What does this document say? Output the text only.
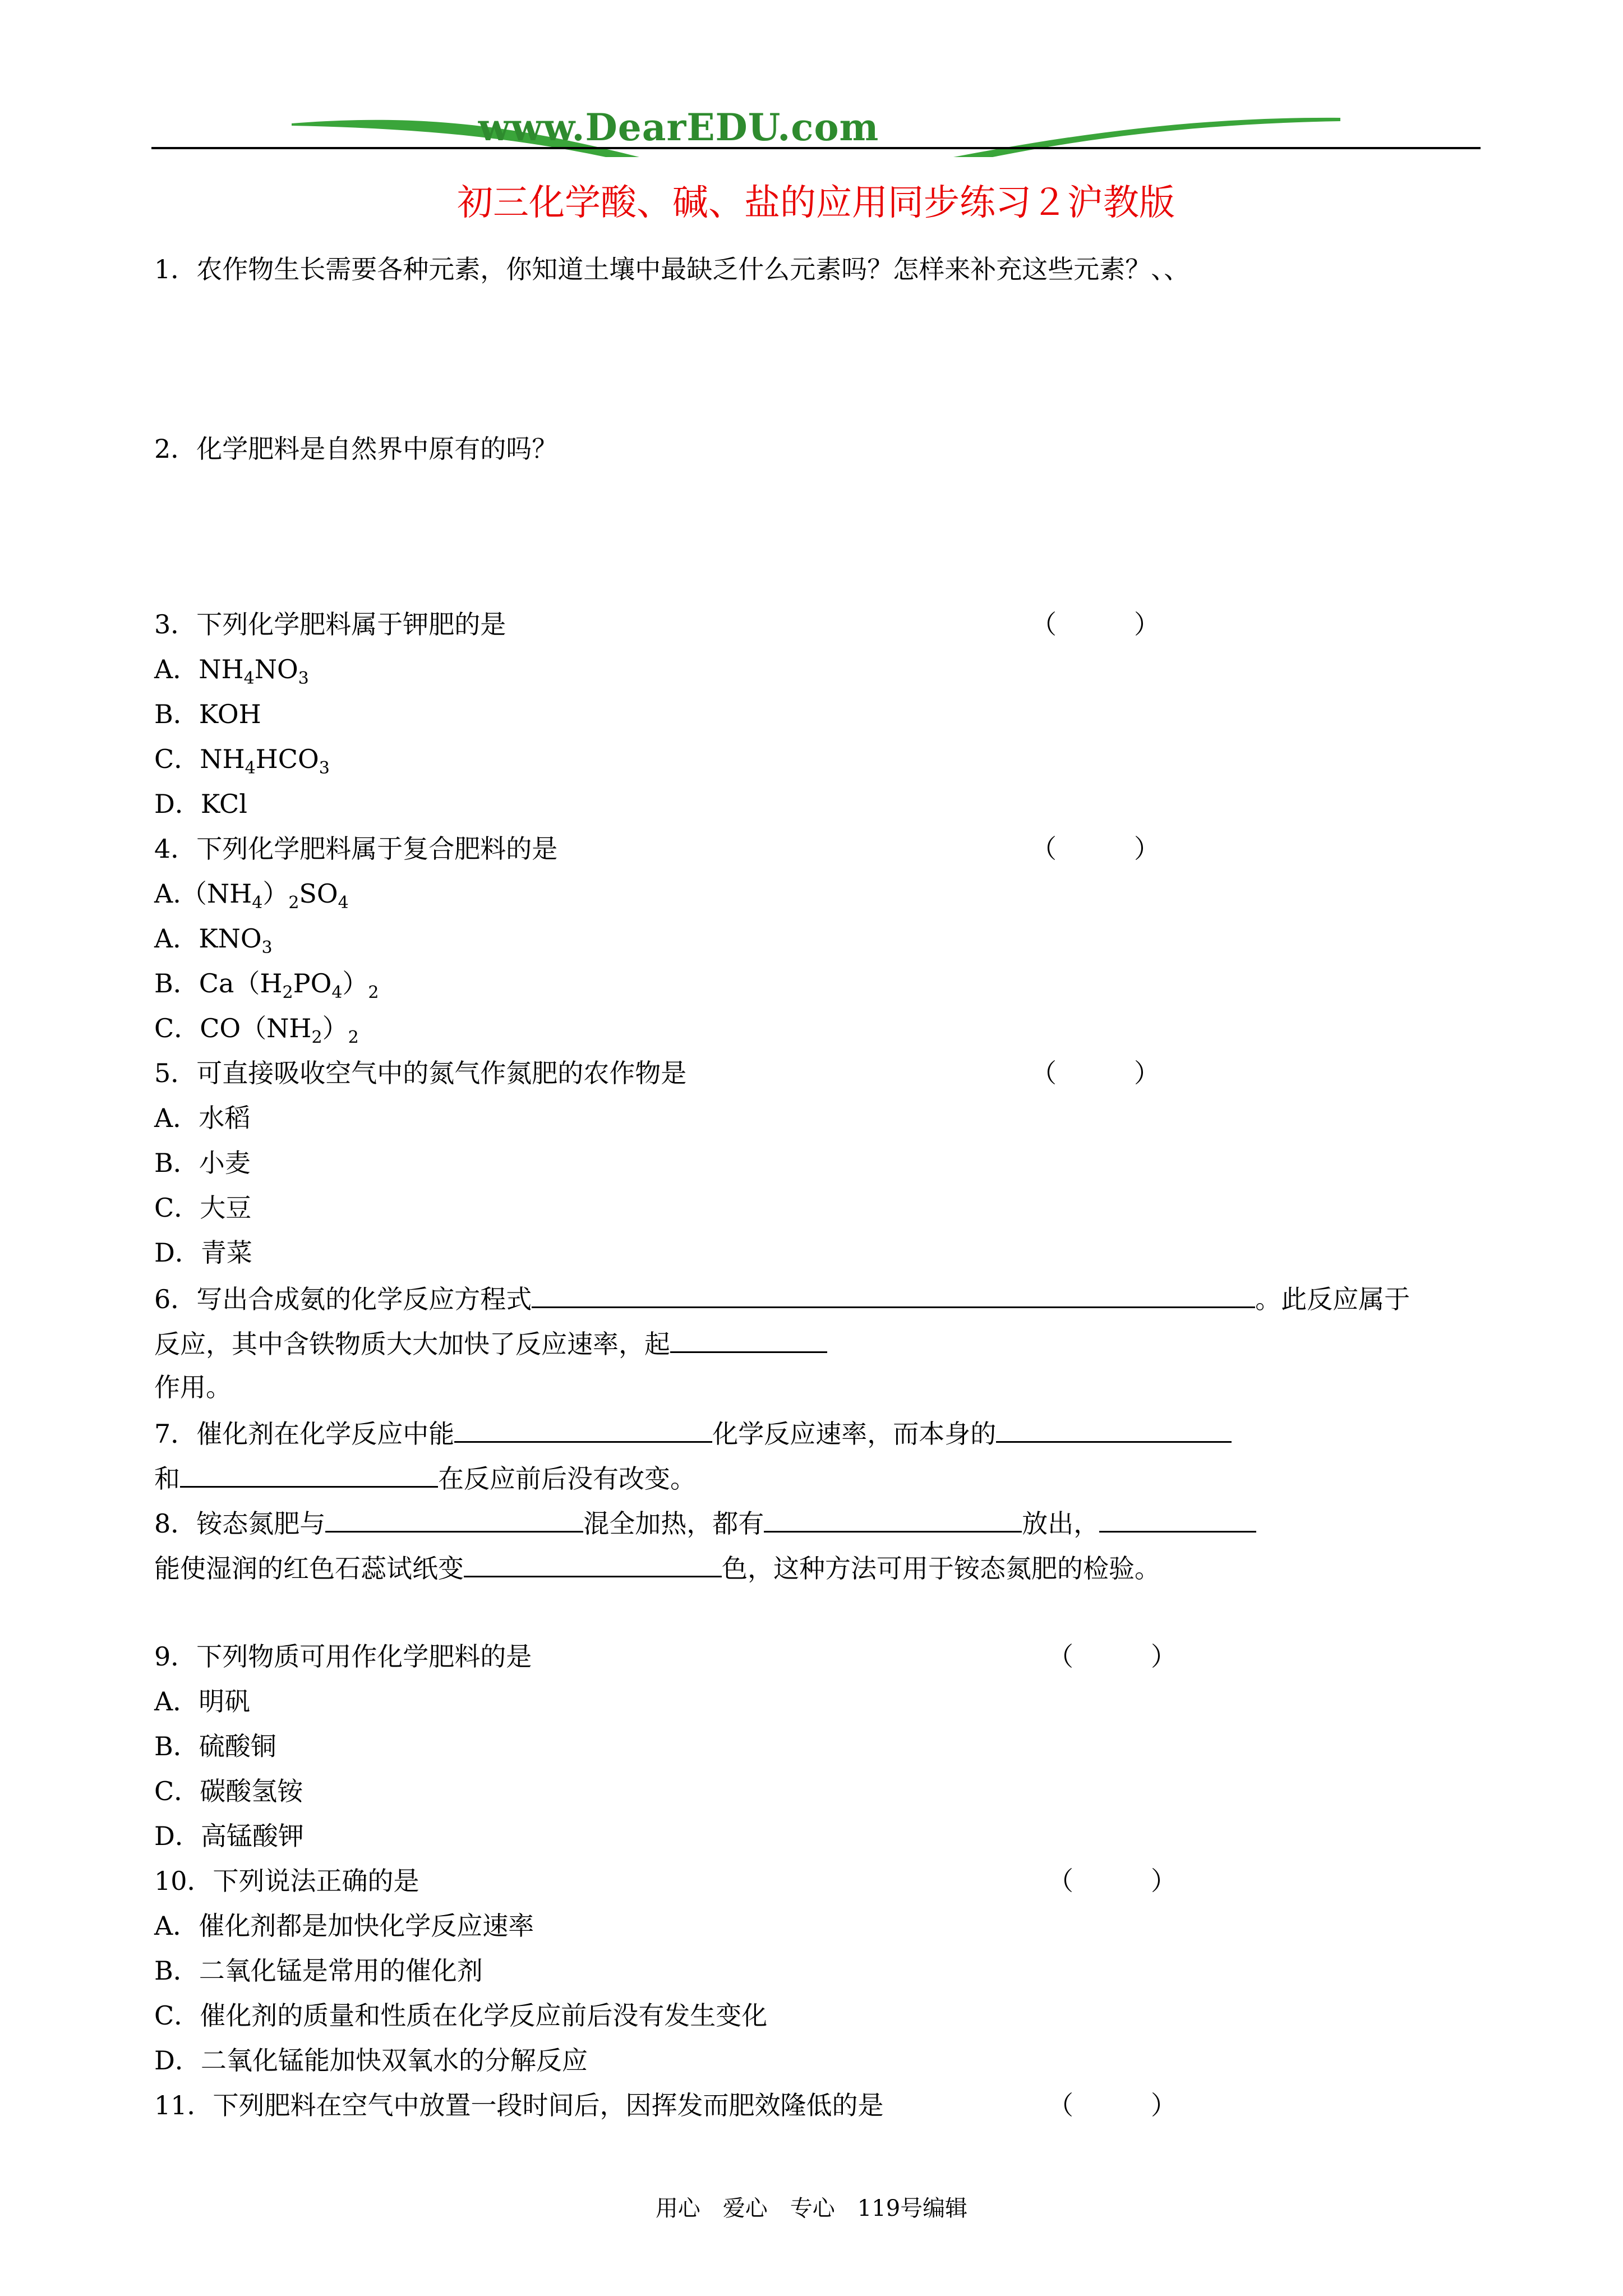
www.DearEDU.com
初三化学酸、碱、盐的应用同步练习２沪教版
1．农作物生长需要各种元素，你知道土壤中最缺乏什么元素吗？怎样来补充这些元素？、、
2．化学肥料是自然界中原有的吗？
3．下列化学肥料属于钾肥的是	（　　　）
A．$NH_4NO_3$
B．KOH
C．$NH_4HCO_3$
D．KCl
4．下列化学肥料属于复合肥料的是	（　　　）
$A.(NH_4)_2SO_4$
A．$KNO_3$
B．$Ca(H_2PO_4)_2$
C．$CO(NH_2)_2$
5．可直接吸收空气中的氮气作氮肥的农作物是	（　　　）
A．水稻
B．小麦
C．大豆
D．青菜
6．写出合成氨的化学反应方程式	。此反应属于
反应，其中含铁物质大大加快了反应速率，起
作用。
7．催化剂在化学反应中能	化学反应速率，而本身的
和	在反应前后没有改变。
8．铵态氮肥与	混全加热，都有	放出，
能使湿润的红色石蕊试纸变	色，这种方法可用于铵态氮肥的检验。
9．下列物质可用作化学肥料的是	（　　　）
A．明矾
B．硫酸铜
C．碳酸氢铵
D．高锰酸钾
10．下列说法正确的是	（　　　）
A．催化剂都是加快化学反应速率
B．二氧化锰是常用的催化剂
C．催化剂的质量和性质在化学反应前后没有发生变化
D．二氧化锰能加快双氧水的分解反应
11．下列肥料在空气中放置一段时间后，因挥发而肥效隆低的是	（　　　）
用心　爱心　专心　119号编辑
